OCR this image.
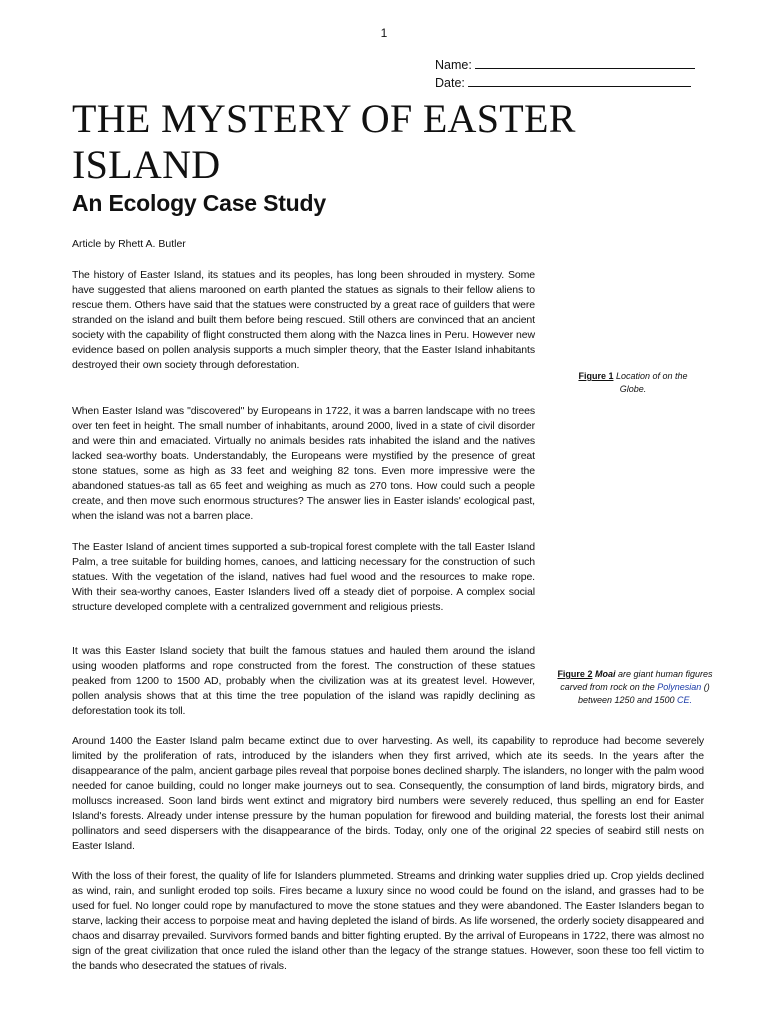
1
Name:
Date:
THE MYSTERY OF EASTER ISLAND
An Ecology Case Study
Article by Rhett A. Butler

The history of Easter Island, its statues and its peoples, has long been shrouded in mystery. Some have suggested that aliens marooned on earth planted the statues as signals to their fellow aliens to rescue them. Others have said that the statues were constructed by a great race of guilders that were stranded on the island and built them before being rescued. Still others are convinced that an ancient society with the capability of flight constructed them along with the Nazca lines in Peru. However new evidence based on pollen analysis supports a much simpler theory, that the Easter Island inhabitants destroyed their own society through deforestation.

When Easter Island was "discovered" by Europeans in 1722, it was a barren landscape with no trees over ten feet in height. The small number of inhabitants, around 2000, lived in a state of civil disorder and were thin and emaciated. Virtually no animals besides rats inhabited the island and the natives lacked sea-worthy boats. Understandably, the Europeans were mystified by the presence of great stone statues, some as high as 33 feet and weighing 82 tons. Even more impressive were the abandoned statues-as tall as 65 feet and weighing as much as 270 tons. How could such a people create, and then move such enormous structures? The answer lies in Easter islands' ecological past, when the island was not a barren place.

The Easter Island of ancient times supported a sub-tropical forest complete with the tall Easter Island Palm, a tree suitable for building homes, canoes, and latticing necessary for the construction of such statues. With the vegetation of the island, natives had fuel wood and the resources to make rope. With their sea-worthy canoes, Easter Islanders lived off a steady diet of porpoise. A complex social structure developed complete with a centralized government and religious priests.

It was this Easter Island society that built the famous statues and hauled them around the island using wooden platforms and rope constructed from the forest. The construction of these statues peaked from 1200 to 1500 AD, probably when the civilization was at its greatest level. However, pollen analysis shows that at this time the tree population of the island was rapidly declining as deforestation took its toll.

Around 1400 the Easter Island palm became extinct due to over harvesting. As well, its capability to reproduce had become severely limited by the proliferation of rats, introduced by the islanders when they first arrived, which ate its seeds. In the years after the disappearance of the palm, ancient garbage piles reveal that porpoise bones declined sharply. The islanders, no longer with the palm wood needed for canoe building, could no longer make journeys out to sea. Consequently, the consumption of land birds, migratory birds, and molluscs increased. Soon land birds went extinct and migratory bird numbers were severely reduced, thus spelling an end for Easter Island's forests. Already under intense pressure by the human population for firewood and building material, the forests lost their animal pollinators and seed dispersers with the disappearance of the birds. Today, only one of the original 22 species of seabird still nests on Easter Island.

With the loss of their forest, the quality of life for Islanders plummeted. Streams and drinking water supplies dried up. Crop yields declined as wind, rain, and sunlight eroded top soils. Fires became a luxury since no wood could be found on the island, and grasses had to be used for fuel. No longer could rope by manufactured to move the stone statues and they were abandoned. The Easter Islanders began to starve, lacking their access to porpoise meat and having depleted the island of birds. As life worsened, the orderly society disappeared and chaos and disarray prevailed. Survivors formed bands and bitter fighting erupted. By the arrival of Europeans in 1722, there was almost no sign of the great civilization that once ruled the island other than the legacy of the strange statues. However, soon these too fell victim to the bands who desecrated the statues of rivals.

Figure 1 Location of on the Globe.
Figure 2 Moai are giant human figures carved from rock on the Polynesian () between 1250 and 1500 CE.
